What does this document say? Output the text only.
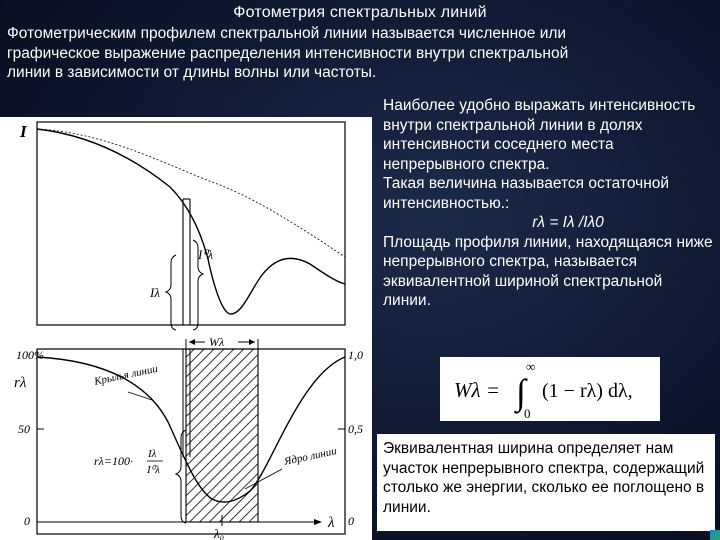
Фотометрия спектральных линий
Фотометрическим профилем спектральной линии называется численное или
графическое выражение распределения интенсивности внутри спектральной
линии в зависимости от длины волны или частоты.

Наиболее удобно выражать интенсивность внутри спектральной линии в долях интенсивности соседнего места непрерывного спектра.

Такая величина называется остаточной интенсивностью.:

rλ = Iλ /Iλ0

Площадь профиля линии, находящаяся ниже непрерывного спектра, называется эквивалентной шириной спектральной линии.

Wλ =
∞
∫
0
(1 − rλ) dλ,
Эквивалентная ширина определяет нам участок непрерывного спектра, содержащий столько же энергии, сколько ее поглощено в линии.
I
I⁰λ
Iλ
Wλ
100%
50
0
1,0
0,5
0
rλ	Крылья линии
Ядро линии
rλ=100· Iλ
I⁰λ
λ
λ₀
